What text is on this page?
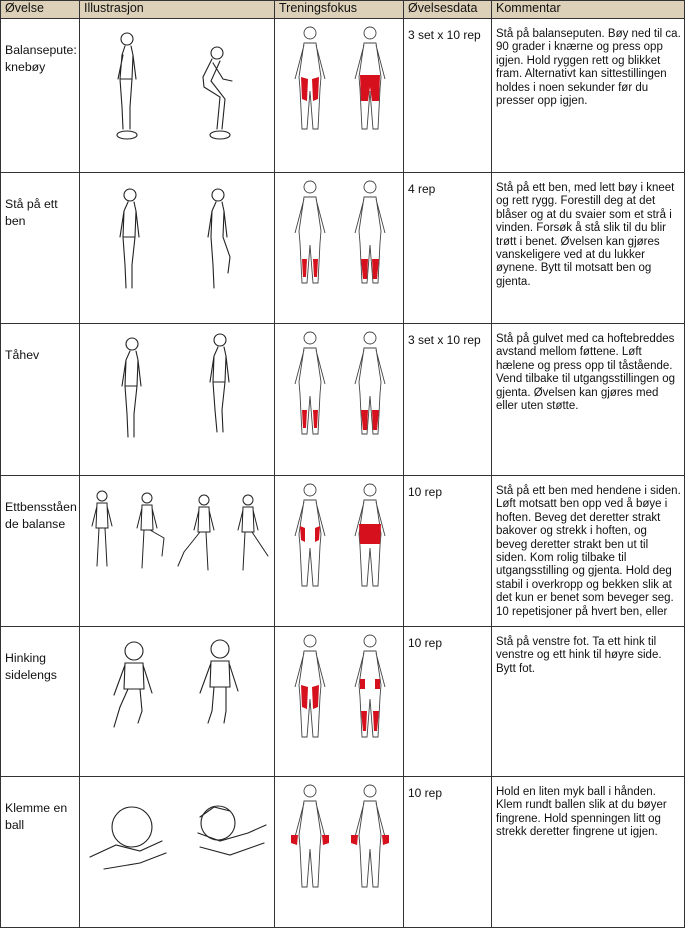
Øvelse	Illustrasjon	Treningsfokus	Øvelsesdata	Kommentar
Balansepute: knebøy			3 set x 10 rep	Stå på balanseputen. Bøy ned til ca. 90 grader i knærne og press opp igjen. Hold ryggen rett og blikket fram. Alternativt kan sittestillingen holdes i noen sekunder før du presser opp igjen.
Stå på ett ben			4 rep	Stå på ett ben, med lett bøy i kneet og rett rygg. Forestill deg at det blåser og at du svaier som et strå i vinden. Forsøk å stå slik til du blir trøtt i benet. Øvelsen kan gjøres vanskeligere ved at du lukker øynene. Bytt til motsatt ben og gjenta.
Tåhev			3 set x 10 rep	Stå på gulvet med ca hoftebreddes avstand mellom føttene. Løft hælene og press opp til tåstående. Vend tilbake til utgangsstillingen og gjenta. Øvelsen kan gjøres med eller uten støtte.
Ettbensståen de balanse			10 rep	Stå på ett ben med hendene i siden. Løft motsatt ben opp ved å bøye i hoften. Beveg det deretter strakt bakover og strekk i hoften, og beveg deretter strakt ben ut til siden. Kom rolig tilbake til utgangsstilling og gjenta. Hold deg stabil i overkropp og bekken slik at det kun er benet som beveger seg. 10 repetisjoner på hvert ben, eller
Hinking sidelengs			10 rep	Stå på venstre fot. Ta ett hink til venstre og ett hink til høyre side. Bytt fot.
Klemme en ball			10 rep	Hold en liten myk ball i hånden. Klem rundt ballen slik at du bøyer fingrene. Hold spenningen litt og strekk deretter fingrene ut igjen.
